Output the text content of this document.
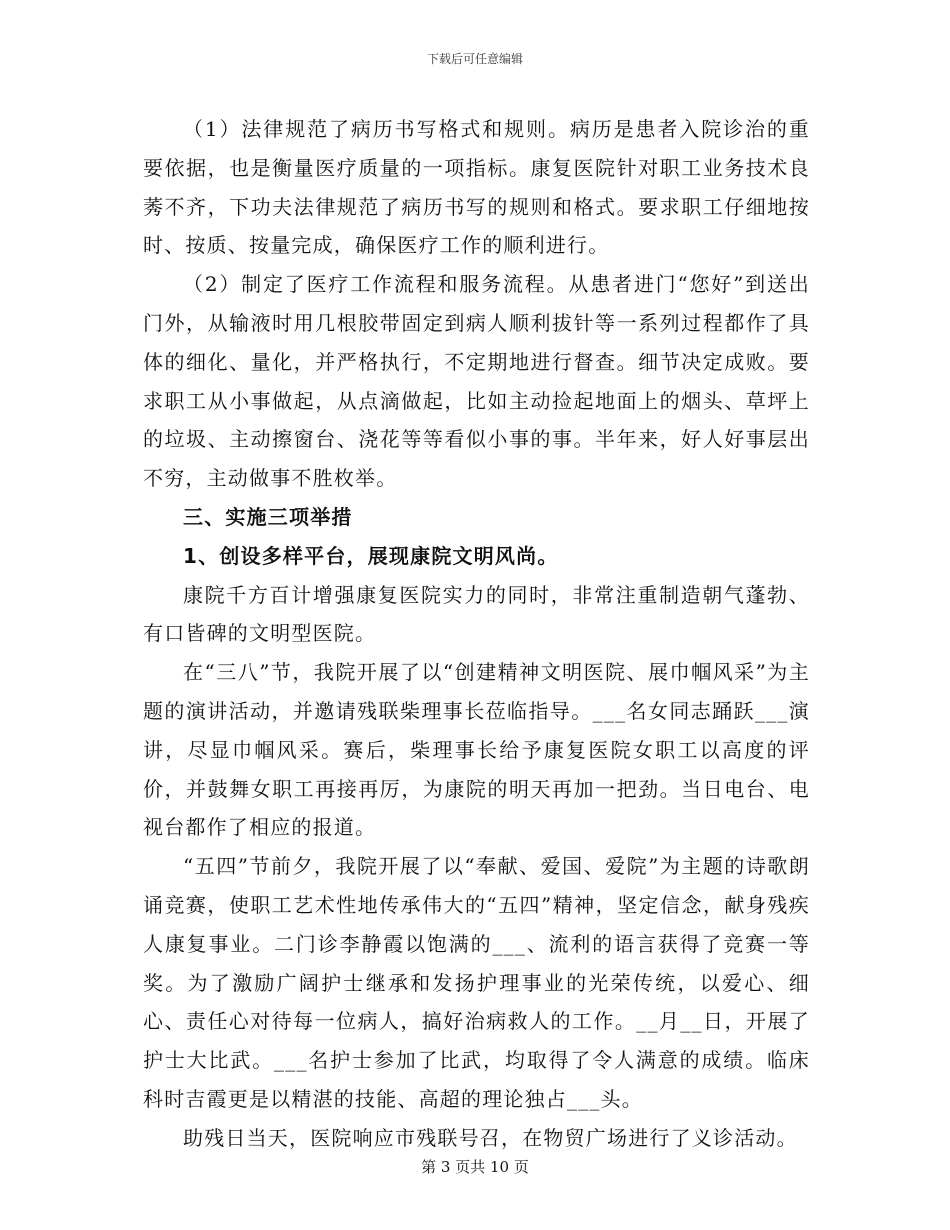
下载后可任意编辑

（1）法律规范了病历书写格式和规则。病历是患者入院诊治的重要依据，也是衡量医疗质量的一项指标。康复医院针对职工业务技术良莠不齐，下功夫法律规范了病历书写的规则和格式。要求职工仔细地按时、按质、按量完成，确保医疗工作的顺利进行。

（2）制定了医疗工作流程和服务流程。从患者进门“您好”到送出门外，从输液时用几根胶带固定到病人顺利拔针等一系列过程都作了具体的细化、量化，并严格执行，不定期地进行督查。细节决定成败。要求职工从小事做起，从点滴做起，比如主动捡起地面上的烟头、草坪上的垃圾、主动擦窗台、浇花等等看似小事的事。半年来，好人好事层出不穷，主动做事不胜枚举。

三、实施三项举措

1、创设多样平台，展现康院文明风尚。

康院千方百计增强康复医院实力的同时，非常注重制造朝气蓬勃、有口皆碑的文明型医院。

在“三八”节，我院开展了以“创建精神文明医院、展巾帼风采”为主题的演讲活动，并邀请残联柴理事长莅临指导。___名女同志踊跃___演讲，尽显巾帼风采。赛后，柴理事长给予康复医院女职工以高度的评价，并鼓舞女职工再接再厉，为康院的明天再加一把劲。当日电台、电视台都作了相应的报道。

“五四”节前夕，我院开展了以“奉献、爱国、爱院”为主题的诗歌朗诵竞赛，使职工艺术性地传承伟大的“五四”精神，坚定信念，献身残疾人康复事业。二门诊李静霞以饱满的___、流利的语言获得了竞赛一等奖。为了激励广阔护士继承和发扬护理事业的光荣传统，以爱心、细心、责任心对待每一位病人，搞好治病救人的工作。__月__日，开展了护士大比武。___名护士参加了比武，均取得了令人满意的成绩。临床科时吉霞更是以精湛的技能、高超的理论独占___头。

助残日当天，医院响应市残联号召，在物贸广场进行了义诊活动。

第 3 页共 10 页
